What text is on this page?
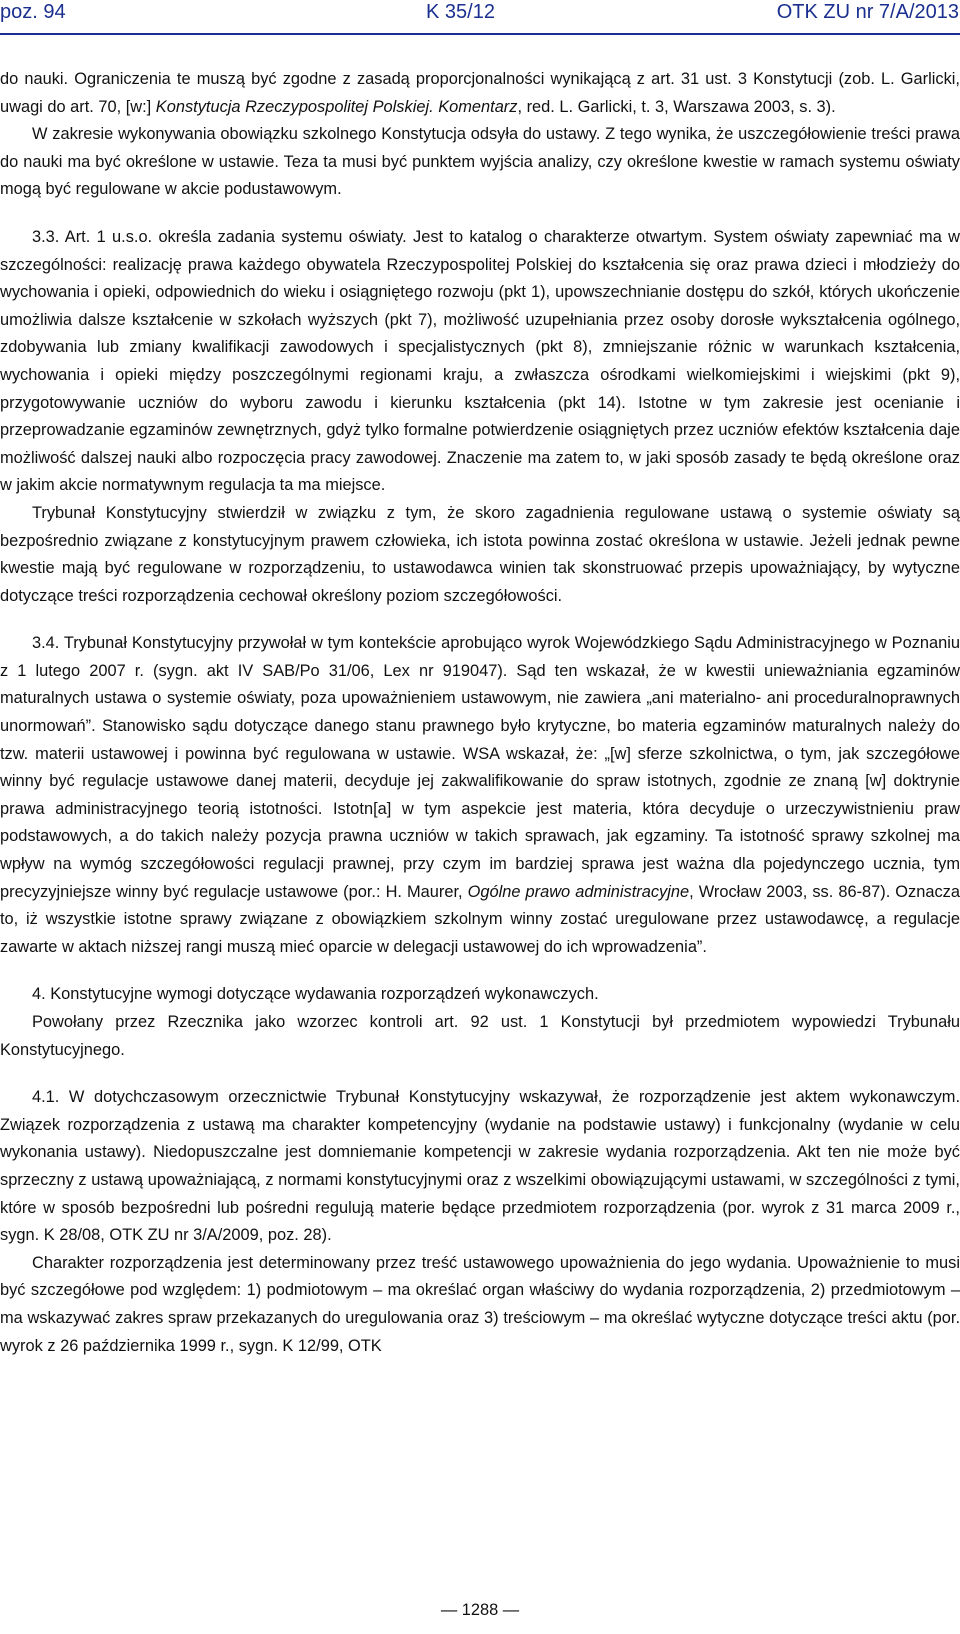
poz. 94	K 35/12	OTK ZU nr 7/A/2013

do nauki. Ograniczenia te muszą być zgodne z zasadą proporcjonalności wynikającą z art. 31 ust. 3 Konstytucji (zob. L. Garlicki, uwagi do art. 70, [w:] Konstytucja Rzeczypospolitej Polskiej. Komentarz, red. L. Garlicki, t. 3, Warszawa 2003, s. 3).

W zakresie wykonywania obowiązku szkolnego Konstytucja odsyła do ustawy. Z tego wynika, że uszczegółowienie treści prawa do nauki ma być określone w ustawie. Teza ta musi być punktem wyjścia analizy, czy określone kwestie w ramach systemu oświaty mogą być regulowane w akcie podustawowym.

3.3. Art. 1 u.s.o. określa zadania systemu oświaty. Jest to katalog o charakterze otwartym. System oświaty zapewniać ma w szczególności: realizację prawa każdego obywatela Rzeczypospolitej Polskiej do kształcenia się oraz prawa dzieci i młodzieży do wychowania i opieki, odpowiednich do wieku i osiągniętego rozwoju (pkt 1), upowszechnianie dostępu do szkół, których ukończenie umożliwia dalsze kształcenie w szkołach wyższych (pkt 7), możliwość uzupełniania przez osoby dorosłe wykształcenia ogólnego, zdobywania lub zmiany kwalifikacji zawodowych i specjalistycznych (pkt 8), zmniejszanie różnic w warunkach kształcenia, wychowania i opieki między poszczególnymi regionami kraju, a zwłaszcza ośrodkami wielkomiejskimi i wiejskimi (pkt 9), przygotowywanie uczniów do wyboru zawodu i kierunku kształcenia (pkt 14). Istotne w tym zakresie jest ocenianie i przeprowadzanie egzaminów zewnętrznych, gdyż tylko formalne potwierdzenie osiągniętych przez uczniów efektów kształcenia daje możliwość dalszej nauki albo rozpoczęcia pracy zawodowej. Znaczenie ma zatem to, w jaki sposób zasady te będą określone oraz w jakim akcie normatywnym regulacja ta ma miejsce.

Trybunał Konstytucyjny stwierdził w związku z tym, że skoro zagadnienia regulowane ustawą o systemie oświaty są bezpośrednio związane z konstytucyjnym prawem człowieka, ich istota powinna zostać określona w ustawie. Jeżeli jednak pewne kwestie mają być regulowane w rozporządzeniu, to ustawodawca winien tak skonstruować przepis upoważniający, by wytyczne dotyczące treści rozporządzenia cechował określony poziom szczegółowości.

3.4. Trybunał Konstytucyjny przywołał w tym kontekście aprobująco wyrok Wojewódzkiego Sądu Administracyjnego w Poznaniu z 1 lutego 2007 r. (sygn. akt IV SAB/Po 31/06, Lex nr 919047). Sąd ten wskazał, że w kwestii unieważniania egzaminów maturalnych ustawa o systemie oświaty, poza upoważnieniem ustawowym, nie zawiera „ani materialno- ani proceduralnoprawnych unormowań”. Stanowisko sądu dotyczące danego stanu prawnego było krytyczne, bo materia egzaminów maturalnych należy do tzw. materii ustawowej i powinna być regulowana w ustawie. WSA wskazał, że: „[w] sferze szkolnictwa, o tym, jak szczegółowe winny być regulacje ustawowe danej materii, decyduje jej zakwalifikowanie do spraw istotnych, zgodnie ze znaną [w] doktrynie prawa administracyjnego teorią istotności. Istotn[a] w tym aspekcie jest materia, która decyduje o urzeczywistnieniu praw podstawowych, a do takich należy pozycja prawna uczniów w takich sprawach, jak egzaminy. Ta istotność sprawy szkolnej ma wpływ na wymóg szczegółowości regulacji prawnej, przy czym im bardziej sprawa jest ważna dla pojedynczego ucznia, tym precyzyjniejsze winny być regulacje ustawowe (por.: H. Maurer, Ogólne prawo administracyjne, Wrocław 2003, ss. 86-87). Oznacza to, iż wszystkie istotne sprawy związane z obowiązkiem szkolnym winny zostać uregulowane przez ustawodawcę, a regulacje zawarte w aktach niższej rangi muszą mieć oparcie w delegacji ustawowej do ich wprowadzenia”.

4. Konstytucyjne wymogi dotyczące wydawania rozporządzeń wykonawczych.

Powołany przez Rzecznika jako wzorzec kontroli art. 92 ust. 1 Konstytucji był przedmiotem wypowiedzi Trybunału Konstytucyjnego.

4.1. W dotychczasowym orzecznictwie Trybunał Konstytucyjny wskazywał, że rozporządzenie jest aktem wykonawczym. Związek rozporządzenia z ustawą ma charakter kompetencyjny (wydanie na podstawie ustawy) i funkcjonalny (wydanie w celu wykonania ustawy). Niedopuszczalne jest domniemanie kompetencji w zakresie wydania rozporządzenia. Akt ten nie może być sprzeczny z ustawą upoważniającą, z normami konstytucyjnymi oraz z wszelkimi obowiązującymi ustawami, w szczególności z tymi, które w sposób bezpośredni lub pośredni regulują materie będące przedmiotem rozporządzenia (por. wyrok z 31 marca 2009 r., sygn. K 28/08, OTK ZU nr 3/A/2009, poz. 28).

Charakter rozporządzenia jest determinowany przez treść ustawowego upoważnienia do jego wydania. Upoważnienie to musi być szczegółowe pod względem: 1) podmiotowym – ma określać organ właściwy do wydania rozporządzenia, 2) przedmiotowym – ma wskazywać zakres spraw przekazanych do uregulowania oraz 3) treściowym – ma określać wytyczne dotyczące treści aktu (por. wyrok z 26 października 1999 r., sygn. K 12/99, OTK

— 1288 —
